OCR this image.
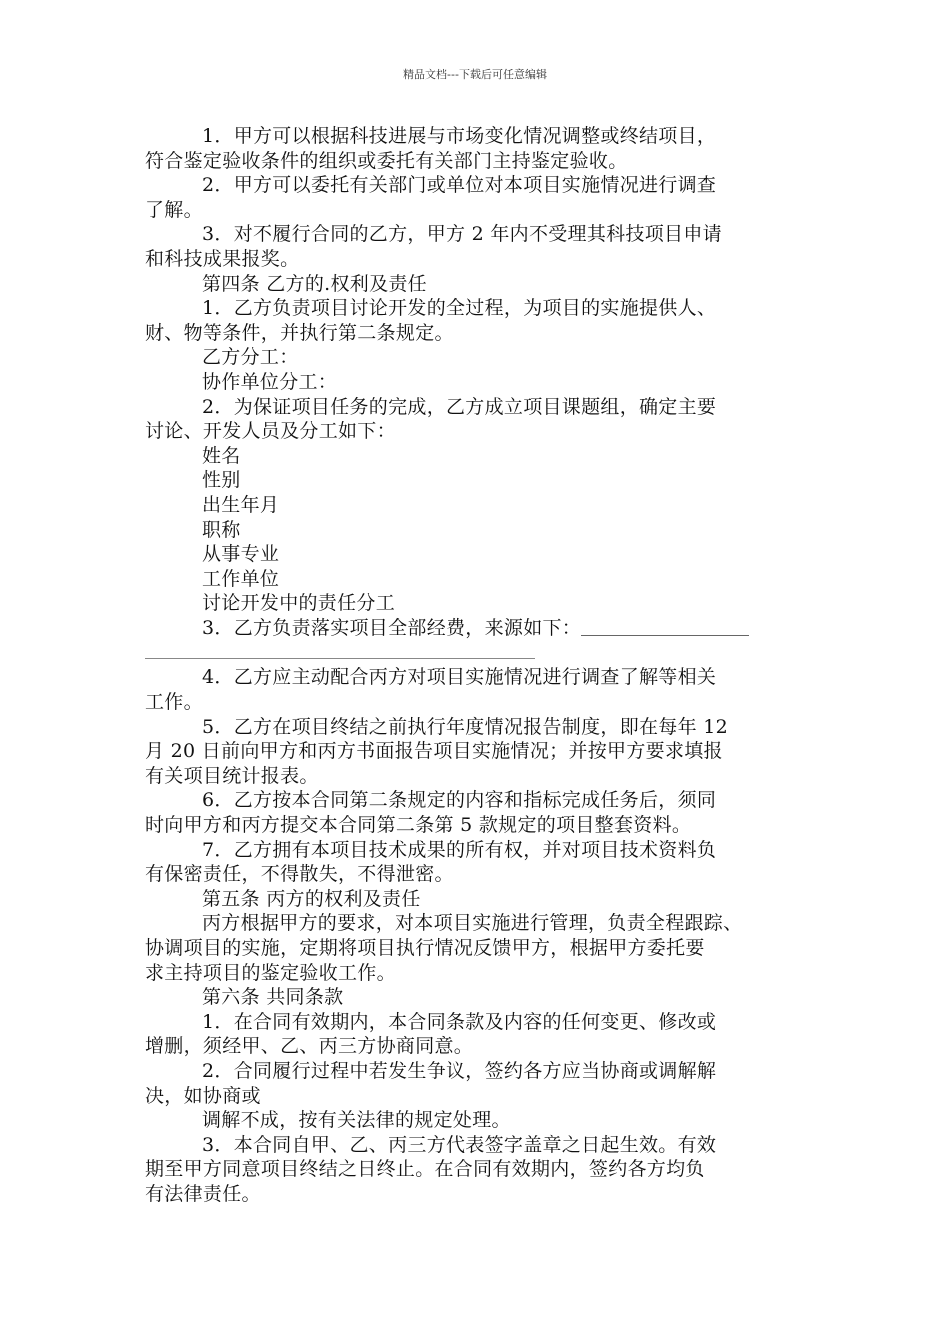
精品文档---下载后可任意编辑
1．甲方可以根据科技进展与市场变化情况调整或终结项目，
符合鉴定验收条件的组织或委托有关部门主持鉴定验收。
2．甲方可以委托有关部门或单位对本项目实施情况进行调查
了解。
3．对不履行合同的乙方，甲方 2 年内不受理其科技项目申请
和科技成果报奖。
第四条 乙方的.权利及责任
1．乙方负责项目讨论开发的全过程，为项目的实施提供人、
财、物等条件，并执行第二条规定。
乙方分工：
协作单位分工：
2．为保证项目任务的完成，乙方成立项目课题组，确定主要
讨论、开发人员及分工如下：
姓名
性别
出生年月
职称
从事专业
工作单位
讨论开发中的责任分工
3．乙方负责落实项目全部经费，来源如下：
4．乙方应主动配合丙方对项目实施情况进行调查了解等相关
工作。
5．乙方在项目终结之前执行年度情况报告制度，即在每年 12
月 20 日前向甲方和丙方书面报告项目实施情况；并按甲方要求填报
有关项目统计报表。
6．乙方按本合同第二条规定的内容和指标完成任务后，须同
时向甲方和丙方提交本合同第二条第 5 款规定的项目整套资料。
7．乙方拥有本项目技术成果的所有权，并对项目技术资料负
有保密责任，不得散失，不得泄密。
第五条 丙方的权利及责任
丙方根据甲方的要求，对本项目实施进行管理，负责全程跟踪、
协调项目的实施，定期将项目执行情况反馈甲方，根据甲方委托要
求主持项目的鉴定验收工作。
第六条 共同条款
1．在合同有效期内，本合同条款及内容的任何变更、修改或
增删，须经甲、乙、丙三方协商同意。
2．合同履行过程中若发生争议，签约各方应当协商或调解解
决，如协商或
调解不成，按有关法律的规定处理。
3．本合同自甲、乙、丙三方代表签字盖章之日起生效。有效
期至甲方同意项目终结之日终止。在合同有效期内，签约各方均负
有法律责任。
